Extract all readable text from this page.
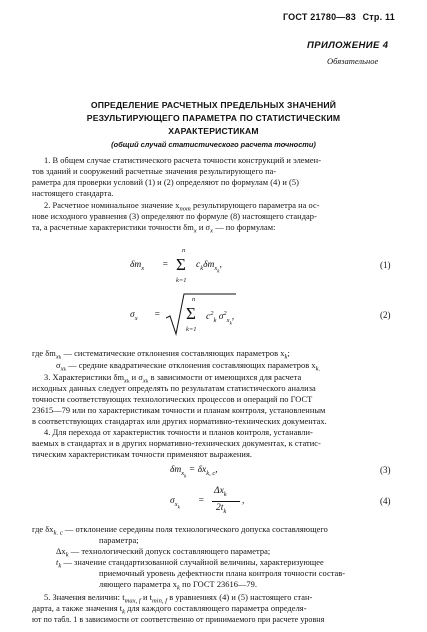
ГОСТ 21780—83 Стр. 11
ПРИЛОЖЕНИЕ 4
Обязательное
ОПРЕДЕЛЕНИЕ РАСЧЕТНЫХ ПРЕДЕЛЬНЫХ ЗНАЧЕНИЙ
РЕЗУЛЬТИРУЮЩЕГО ПАРАМЕТРА ПО СТАТИСТИЧЕСКИМ
ХАРАКТЕРИСТИКАМ
(общий случай статистического расчета точности)
1. В общем случае статистического расчета точности конструкций и элемен-
тов зданий и сооружений расчетные значения результирующего па-
раметра для проверки условий (1) и (2) определяют по формулам (4) и (5)
настоящего стандарта.
2. Расчетное номинальное значение $x_{nom}$ результирующего параметра на ос-
нове исходного уравнения (3) определяют по формуле (8) настоящего стандар-
та, а расчетные характеристики точности $\delta m_x$ и $\sigma_x$ — по формулам:
$\delta m_x$ =
n
Σ
k=1
$c_k\delta m_{x_k}$,	(1)
$\sigma_x$ =
n
Σ
k=1
$c^2_k$ $\sigma^2_{x_k}$,	(2)
где $\delta m_{xk}$ — систематические отклонения составляющих параметров $x_k$;
$\sigma_{xk}$ — средние квадратические отклонения составляющих параметров $x_{k.}$
3. Характеристики $\delta m_{xk}$ и $\sigma_{xk}$ в зависимости от имеющихся для расчета
исходных данных следует определять по результатам статистического анализа
точности соответствующих технологических процессов и операций по ГОСТ
23615—79 или по характеристикам точности и планам контроля, установленным
в соответствующих стандартах или других нормативно-технических документах.
4. Для перехода от характеристик точности и планов контроля, устанавли-
ваемых в стандартах и в других нормативно-технических документах, к статис-
тическим характеристикам точности применяют выражения.
$\delta m_{x_k} = \delta x_{k, c}$,	(3)
$\sigma_{x_k}$
=
$\Delta x_k$
$2t_k$
,	(4)
где $\delta x_{k. c}$ — отклонение середины поля технологического допуска составляющего
параметра;
$\Delta x_k$ — технологический допуск составляющего параметра;
$t_k$ — значение стандартизованной случайной величины, характеризующее
приемочный уровень дефектности плана контроля точности состав-
ляющего параметра $x_k$ по ГОСТ 23616—79.
5. Значения величин: $t_{max, f}$ и $t_{min, f}$ в уравнениях (4) и (5) настоящего стан-
дарта, а также значения $t_k$ для каждого составляющего параметра определя-
ют по табл. 1 в зависимости от соответственно от принимаемого при расчете уровня
